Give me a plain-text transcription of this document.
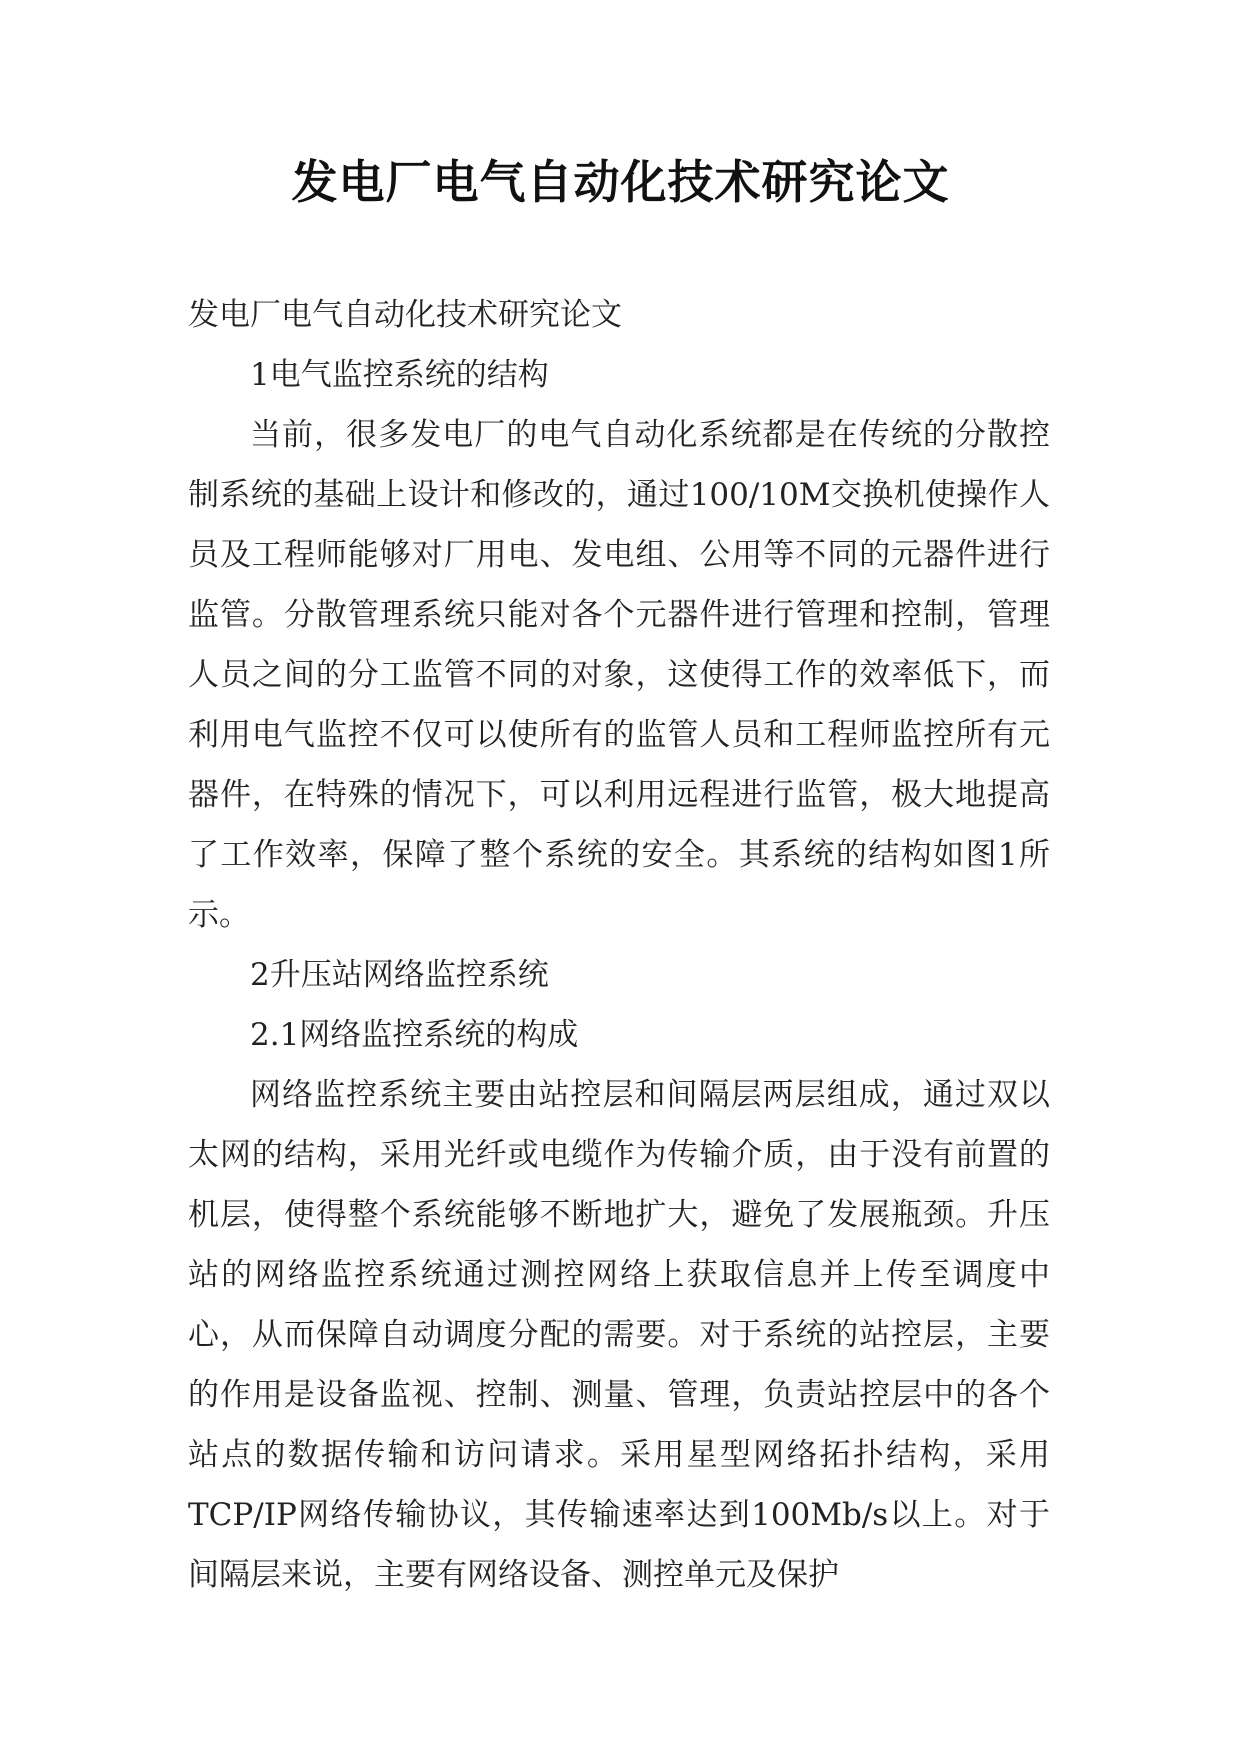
发电厂电气自动化技术研究论文

发电厂电气自动化技术研究论文

1电气监控系统的结构

当前，很多发电厂的电气自动化系统都是在传统的分散控制系统的基础上设计和修改的，通过100/10M交换机使操作人员及工程师能够对厂用电、发电组、公用等不同的元器件进行监管。分散管理系统只能对各个元器件进行管理和控制，管理人员之间的分工监管不同的对象，这使得工作的效率低下，而利用电气监控不仅可以使所有的监管人员和工程师监控所有元器件，在特殊的情况下，可以利用远程进行监管，极大地提高了工作效率，保障了整个系统的安全。其系统的结构如图1所示。

2升压站网络监控系统

2.1网络监控系统的构成

网络监控系统主要由站控层和间隔层两层组成，通过双以太网的结构，采用光纤或电缆作为传输介质，由于没有前置的机层，使得整个系统能够不断地扩大，避免了发展瓶颈。升压站的网络监控系统通过测控网络上获取信息并上传至调度中心，从而保障自动调度分配的需要。对于系统的站控层，主要的作用是设备监视、控制、测量、管理，负责站控层中的各个站点的数据传输和访问请求。采用星型网络拓扑结构，采用TCP/IP网络传输协议，其传输速率达到100Mb/s以上。对于间隔层来说，主要有网络设备、测控单元及保护
